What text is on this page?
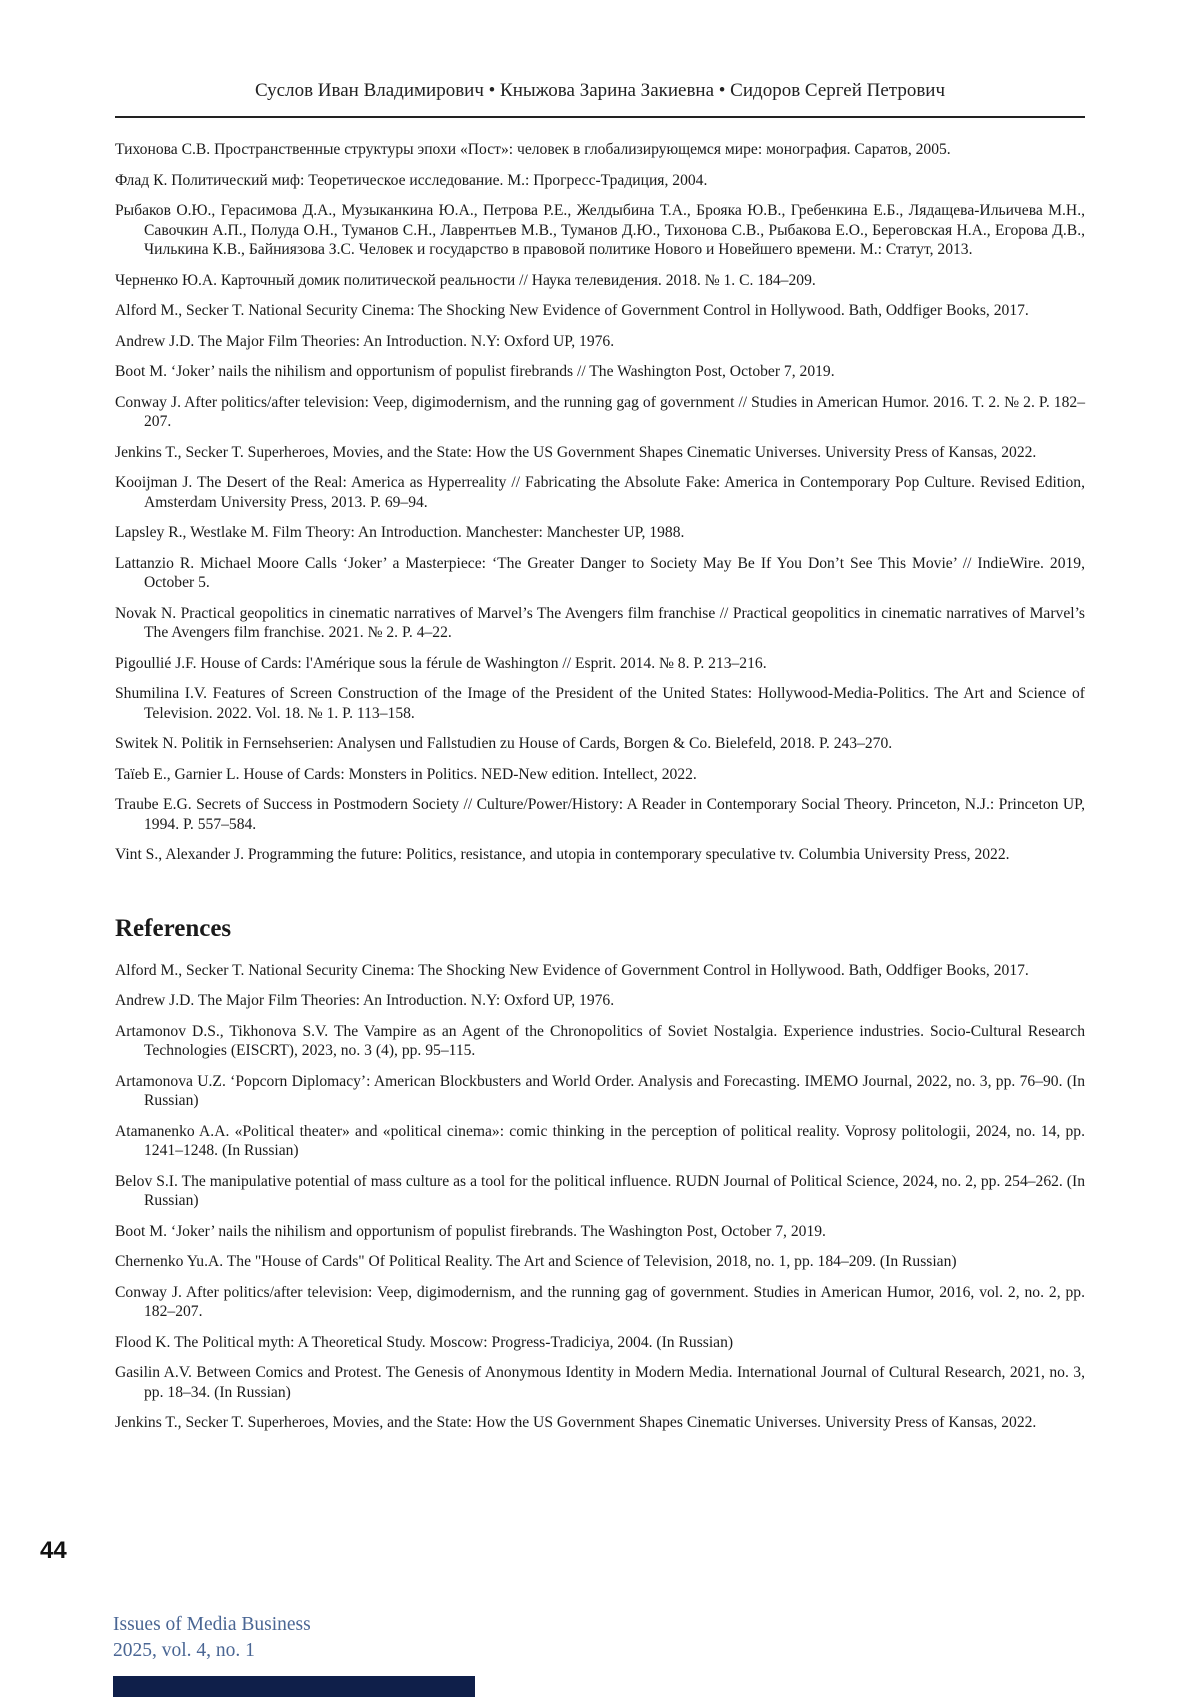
Суслов Иван Владимирович • Кныжова Зарина Закиевна • Сидоров Сергей Петрович

Тихонова С.В. Пространственные структуры эпохи «Пост»: человек в глобализирующемся мире: монография. Саратов, 2005.

Флад К. Политический миф: Теоретическое исследование. М.: Прогресс-Традиция, 2004.

Рыбаков О.Ю., Герасимова Д.А., Музыканкина Ю.А., Петрова Р.Е., Желдыбина Т.А., Брояка Ю.В., Гребенкина Е.Б., Лядащева-Ильичева М.Н., Савочкин А.П., Полуда О.Н., Туманов С.Н., Лаврентьев М.В., Туманов Д.Ю., Тихонова С.В., Рыбакова Е.О., Береговская Н.А., Егорова Д.В., Чилькина К.В., Байниязова З.С. Человек и государство в правовой политике Нового и Новейшего времени. М.: Статут, 2013.

Черненко Ю.А. Карточный домик политической реальности // Наука телевидения. 2018. № 1. С. 184–209.

Alford M., Secker T. National Security Cinema: The Shocking New Evidence of Government Control in Hollywood. Bath, Oddfiger Books, 2017.

Andrew J.D. The Major Film Theories: An Introduction. N.Y: Oxford UP, 1976.

Boot M. ‘Joker’ nails the nihilism and opportunism of populist firebrands // The Washington Post, October 7, 2019.

Conway J. After politics/after television: Veep, digimodernism, and the running gag of government // Studies in American Humor. 2016. T. 2. № 2. P. 182–207.

Jenkins T., Secker T. Superheroes, Movies, and the State: How the US Government Shapes Cinematic Universes. University Press of Kansas, 2022.

Kooijman J. The Desert of the Real: America as Hyperreality // Fabricating the Absolute Fake: America in Contemporary Pop Culture. Revised Edition, Amsterdam University Press, 2013. P. 69–94.

Lapsley R., Westlake M. Film Theory: An Introduction. Manchester: Manchester UP, 1988.

Lattanzio R. Michael Moore Calls ‘Joker’ a Masterpiece: ‘The Greater Danger to Society May Be If You Don’t See This Movie’ // IndieWire. 2019, October 5.

Novak N. Practical geopolitics in cinematic narratives of Marvel’s The Avengers film franchise // Practical geopolitics in cinematic narratives of Marvel’s The Avengers film franchise. 2021. № 2. P. 4–22.

Pigoullié J.F. House of Cards: l'Amérique sous la férule de Washington // Esprit. 2014. № 8. P. 213–216.

Shumilina I.V. Features of Screen Construction of the Image of the President of the United States: Hollywood-Media-Politics. The Art and Science of Television. 2022. Vol. 18. № 1. P. 113–158.

Switek N. Politik in Fernsehserien: Analysen und Fallstudien zu House of Cards, Borgen & Co. Bielefeld, 2018. P. 243–270.

Taïeb E., Garnier L. House of Cards: Monsters in Politics. NED-New edition. Intellect, 2022.

Traube E.G. Secrets of Success in Postmodern Society // Culture/Power/History: A Reader in Contemporary Social Theory. Princeton, N.J.: Princeton UP, 1994. P. 557–584.

Vint S., Alexander J. Programming the future: Politics, resistance, and utopia in contemporary speculative tv. Columbia University Press, 2022.

References

Alford M., Secker T. National Security Cinema: The Shocking New Evidence of Government Control in Hollywood. Bath, Oddfiger Books, 2017.

Andrew J.D. The Major Film Theories: An Introduction. N.Y: Oxford UP, 1976.

Artamonov D.S., Tikhonova S.V. The Vampire as an Agent of the Chronopolitics of Soviet Nostalgia. Experience industries. Socio-Cultural Research Technologies (EISCRT), 2023, no. 3 (4), pp. 95–115.

Artamonova U.Z. ‘Popcorn Diplomacy’: American Blockbusters and World Order. Analysis and Forecasting. IMEMO Journal, 2022, no. 3, pp. 76–90. (In Russian)

Atamanenko A.A. «Political theater» and «political cinema»: comic thinking in the perception of political reality. Voprosy politologii, 2024, no. 14, pp. 1241–1248. (In Russian)

Belov S.I. The manipulative potential of mass culture as a tool for the political influence. RUDN Journal of Political Science, 2024, no. 2, pp. 254–262. (In Russian)

Boot M. ‘Joker’ nails the nihilism and opportunism of populist firebrands. The Washington Post, October 7, 2019.

Chernenko Yu.A. The "House of Cards" Of Political Reality. The Art and Science of Television, 2018, no. 1, pp. 184–209. (In Russian)

Conway J. After politics/after television: Veep, digimodernism, and the running gag of government. Studies in American Humor, 2016, vol. 2, no. 2, pp. 182–207.

Flood K. The Political myth: A Theoretical Study. Moscow: Progress-Tradiciya, 2004. (In Russian)

Gasilin A.V. Between Comics and Protest. The Genesis of Anonymous Identity in Modern Media. International Journal of Cultural Research, 2021, no. 3, pp. 18–34. (In Russian)

Jenkins T., Secker T. Superheroes, Movies, and the State: How the US Government Shapes Cinematic Universes. University Press of Kansas, 2022.

44
Issues of Media Business
2025, vol. 4, no. 1
